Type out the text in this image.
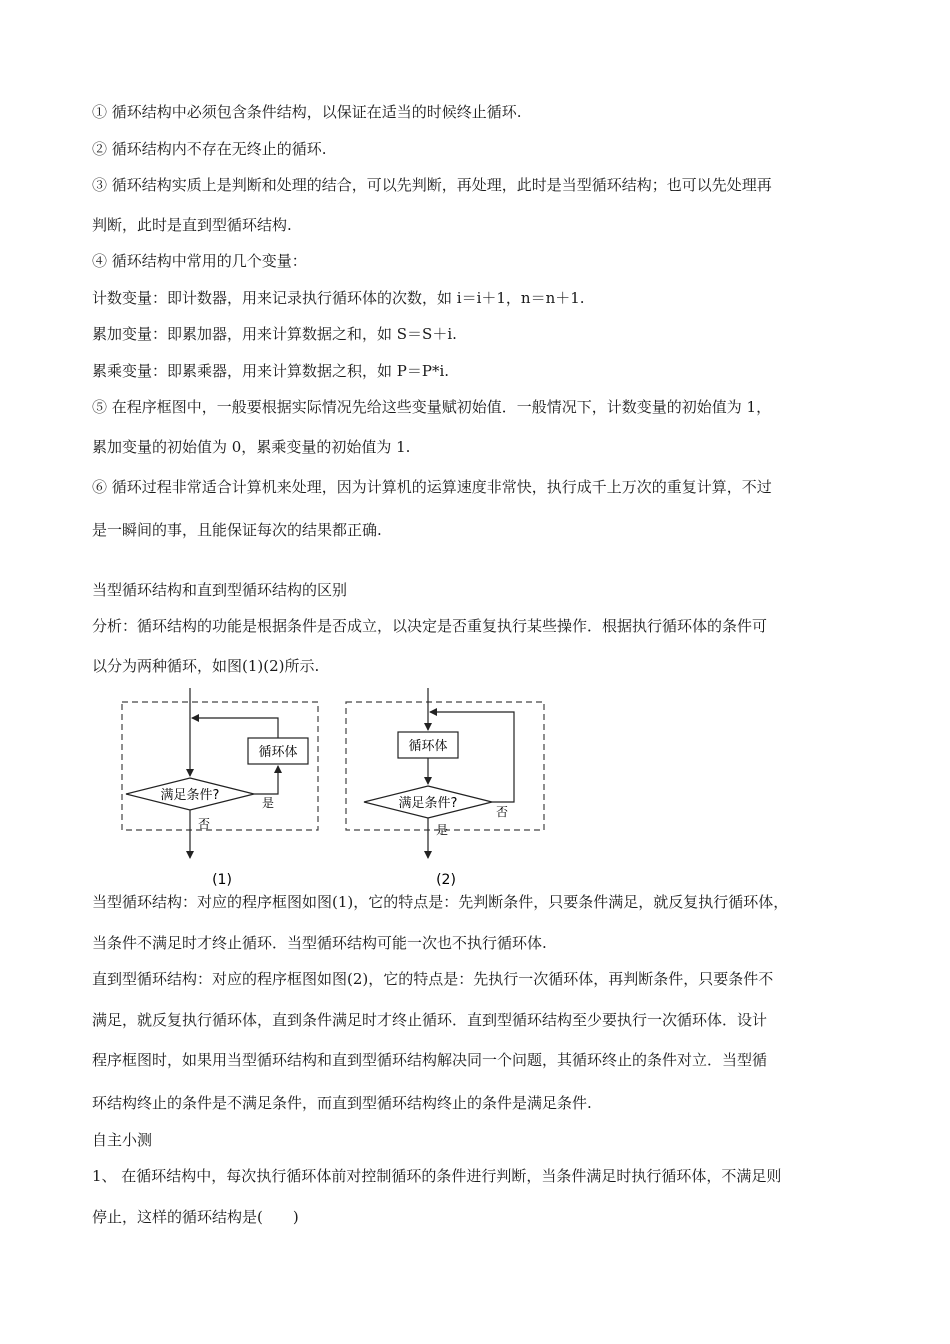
① 循环结构中必须包含条件结构，以保证在适当的时候终止循环.
② 循环结构内不存在无终止的循环.
③ 循环结构实质上是判断和处理的结合，可以先判断，再处理，此时是当型循环结构；也可以先处理再
判断，此时是直到型循环结构.
④ 循环结构中常用的几个变量：
计数变量：即计数器，用来记录执行循环体的次数，如 i＝i＋1，n＝n＋1.
累加变量：即累加器，用来计算数据之和，如 S＝S＋i.
累乘变量：即累乘器，用来计算数据之积，如 P＝P*i.
⑤ 在程序框图中，一般要根据实际情况先给这些变量赋初始值．一般情况下，计数变量的初始值为 1，
累加变量的初始值为 0，累乘变量的初始值为 1.
⑥ 循环过程非常适合计算机来处理，因为计算机的运算速度非常快，执行成千上万次的重复计算，不过
是一瞬间的事，且能保证每次的结果都正确.
当型循环结构和直到型循环结构的区别
分析：循环结构的功能是根据条件是否成立，以决定是否重复执行某些操作．根据执行循环体的条件可
以分为两种循环，如图(1)(2)所示.
满足条件?
循环体
是
否
(1)
循环体
满足条件?
否
是
(2)
当型循环结构：对应的程序框图如图(1)，它的特点是：先判断条件，只要条件满足，就反复执行循环体，
当条件不满足时才终止循环．当型循环结构可能一次也不执行循环体.
直到型循环结构：对应的程序框图如图(2)，它的特点是：先执行一次循环体，再判断条件，只要条件不
满足，就反复执行循环体，直到条件满足时才终止循环．直到型循环结构至少要执行一次循环体．设计
程序框图时，如果用当型循环结构和直到型循环结构解决同一个问题，其循环终止的条件对立．当型循
环结构终止的条件是不满足条件，而直到型循环结构终止的条件是满足条件.
自主小测
1、 在循环结构中，每次执行循环体前对控制循环的条件进行判断，当条件满足时执行循环体，不满足则
停止，这样的循环结构是(　　)
